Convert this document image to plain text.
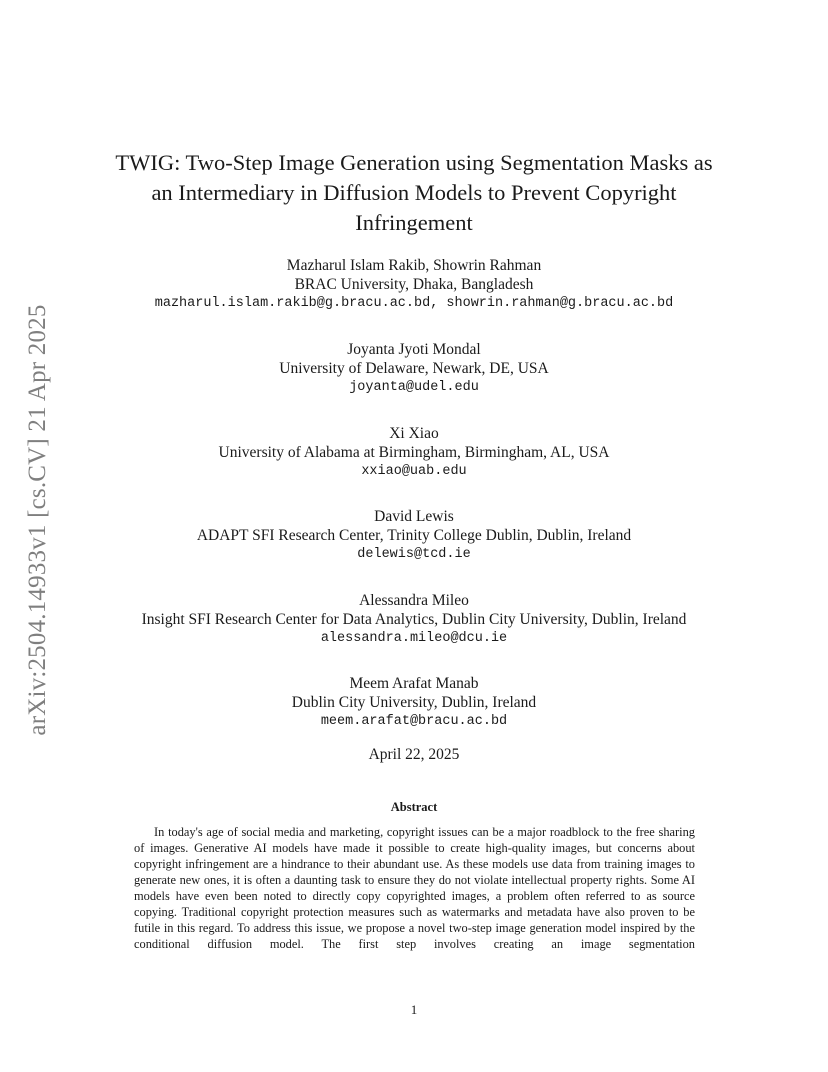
arXiv:2504.14933v1 [cs.CV] 21 Apr 2025
TWIG: Two-Step Image Generation using Segmentation Masks as
an Intermediary in Diffusion Models to Prevent Copyright
Infringement
Mazharul Islam Rakib, Showrin Rahman
BRAC University, Dhaka, Bangladesh
mazharul.islam.rakib@g.bracu.ac.bd, showrin.rahman@g.bracu.ac.bd
Joyanta Jyoti Mondal
University of Delaware, Newark, DE, USA
joyanta@udel.edu
Xi Xiao
University of Alabama at Birmingham, Birmingham, AL, USA
xxiao@uab.edu
David Lewis
ADAPT SFI Research Center, Trinity College Dublin, Dublin, Ireland
delewis@tcd.ie
Alessandra Mileo
Insight SFI Research Center for Data Analytics, Dublin City University, Dublin, Ireland
alessandra.mileo@dcu.ie
Meem Arafat Manab
Dublin City University, Dublin, Ireland
meem.arafat@bracu.ac.bd
April 22, 2025
Abstract

In today's age of social media and marketing, copyright issues can be a major roadblock to the free sharing of images. Generative AI models have made it possible to create high-quality images, but concerns about copyright infringement are a hindrance to their abundant use. As these models use data from training images to generate new ones, it is often a daunting task to ensure they do not violate intellectual property rights. Some AI models have even been noted to directly copy copyrighted images, a problem often referred to as source copying. Traditional copyright protection measures such as watermarks and metadata have also proven to be futile in this regard. To address this issue, we propose a novel two-step image generation model inspired by the conditional diffusion model. The first step involves creating an image segmentation

1
